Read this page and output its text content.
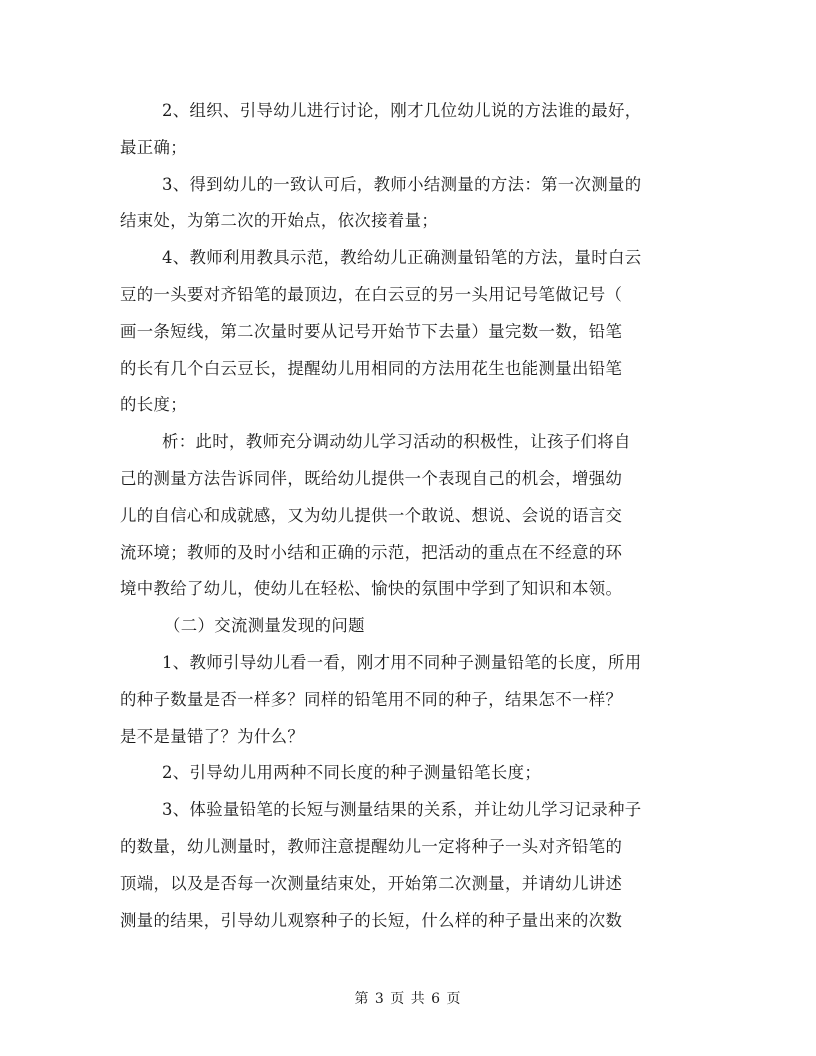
2、组织、引导幼儿进行讨论，刚才几位幼儿说的方法谁的最好，
最正确；
3、得到幼儿的一致认可后，教师小结测量的方法：第一次测量的
结束处，为第二次的开始点，依次接着量；
4、教师利用教具示范，教给幼儿正确测量铅笔的方法，量时白云
豆的一头要对齐铅笔的最顶边，在白云豆的另一头用记号笔做记号（
画一条短线，第二次量时要从记号开始节下去量）量完数一数，铅笔
的长有几个白云豆长，提醒幼儿用相同的方法用花生也能测量出铅笔
的长度；
析：此时，教师充分调动幼儿学习活动的积极性，让孩子们将自
己的测量方法告诉同伴，既给幼儿提供一个表现自己的机会，增强幼
儿的自信心和成就感，又为幼儿提供一个敢说、想说、会说的语言交
流环境；教师的及时小结和正确的示范，把活动的重点在不经意的环
境中教给了幼儿，使幼儿在轻松、愉快的氛围中学到了知识和本领。
（二）交流测量发现的问题
1、教师引导幼儿看一看，刚才用不同种子测量铅笔的长度，所用
的种子数量是否一样多？同样的铅笔用不同的种子，结果怎不一样？
是不是量错了？为什么？
2、引导幼儿用两种不同长度的种子测量铅笔长度；
3、体验量铅笔的长短与测量结果的关系，并让幼儿学习记录种子
的数量，幼儿测量时，教师注意提醒幼儿一定将种子一头对齐铅笔的
顶端，以及是否每一次测量结束处，开始第二次测量，并请幼儿讲述
测量的结果，引导幼儿观察种子的长短，什么样的种子量出来的次数
第 3 页 共 6 页
